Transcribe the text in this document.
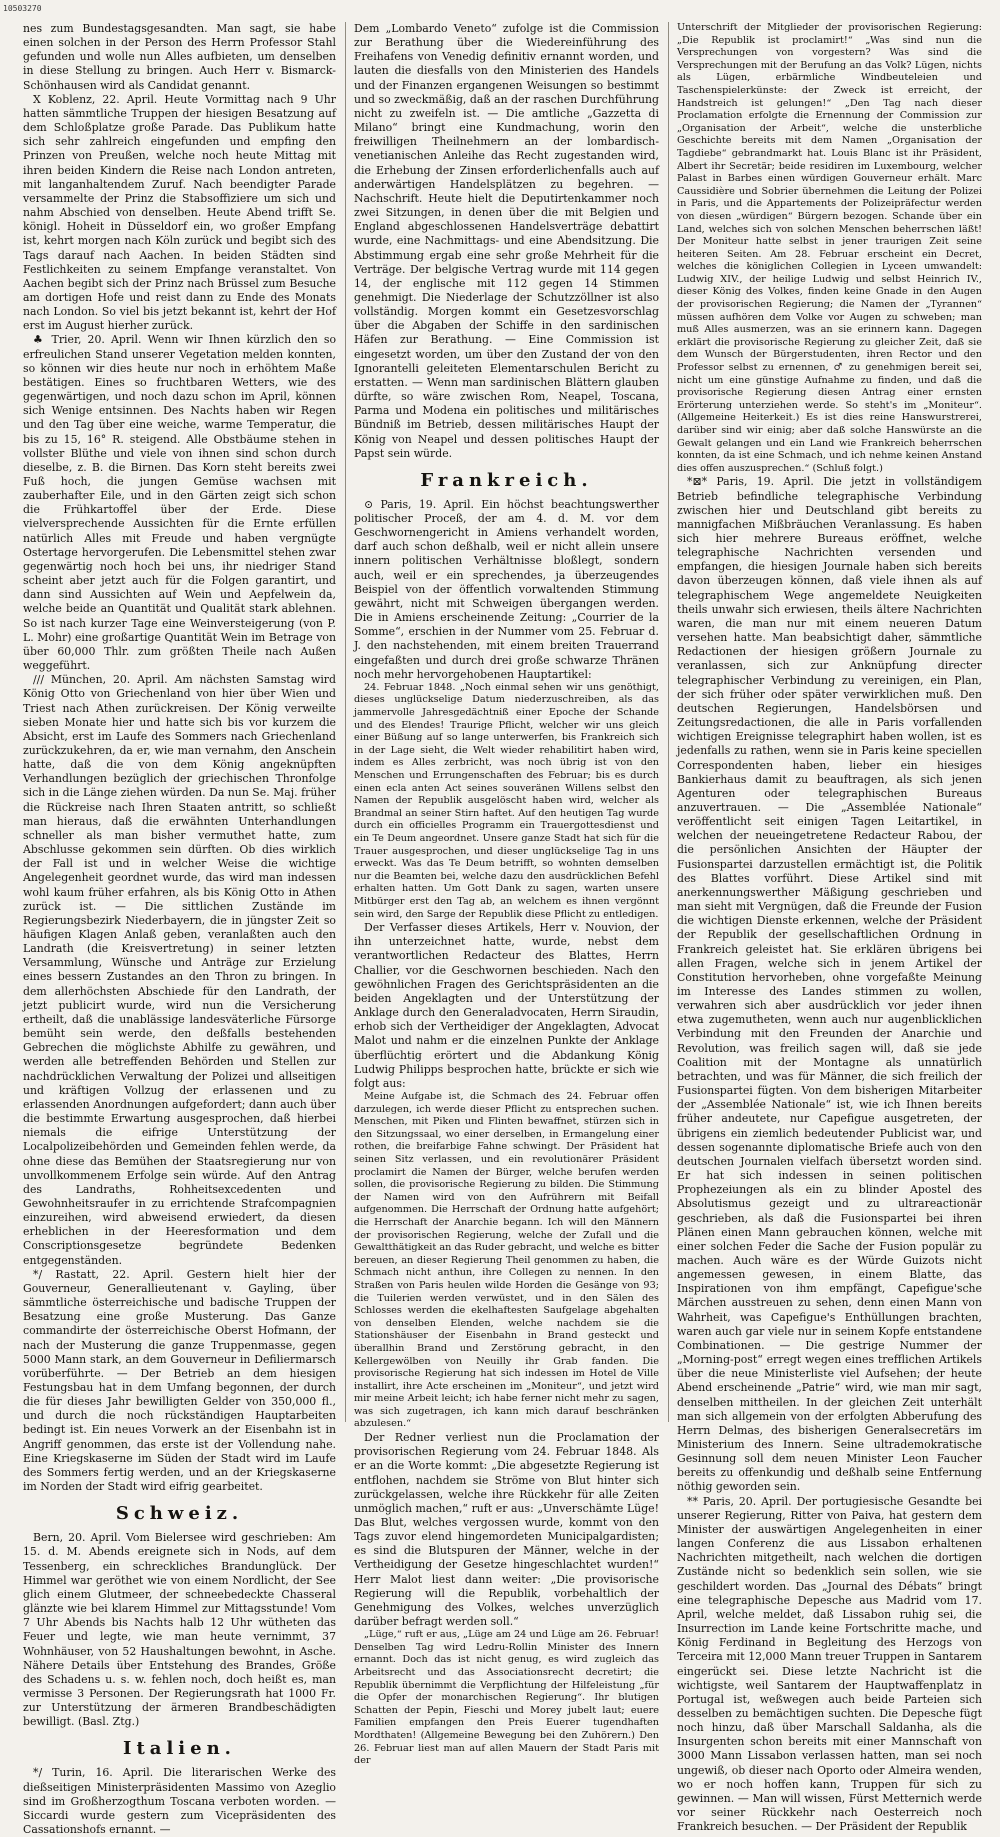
10503270

nes zum Bundestagsgesandten. Man sagt, sie habe einen solchen in der Person des Herrn Professor Stahl gefunden und wolle nun Alles aufbieten, um denselben in diese Stellung zu bringen. Auch Herr v. Bismarck-Schönhausen wird als Candidat genannt.

X Koblenz, 22. April. Heute Vormittag nach 9 Uhr hatten sämmtliche Truppen der hiesigen Besatzung auf dem Schloßplatze große Parade. Das Publikum hatte sich sehr zahlreich eingefunden und empfing den Prinzen von Preußen, welche noch heute Mittag mit ihren beiden Kindern die Reise nach London antreten, mit langanhaltendem Zuruf. Nach beendigter Parade versammelte der Prinz die Stabsoffiziere um sich und nahm Abschied von denselben. Heute Abend trifft Se. königl. Hoheit in Düsseldorf ein, wo großer Empfang ist, kehrt morgen nach Köln zurück und begibt sich des Tags darauf nach Aachen. In beiden Städten sind Festlichkeiten zu seinem Empfange veranstaltet. Von Aachen begibt sich der Prinz nach Brüssel zum Besuche am dortigen Hofe und reist dann zu Ende des Monats nach London. So viel bis jetzt bekannt ist, kehrt der Hof erst im August hierher zurück.

♣ Trier, 20. April. Wenn wir Ihnen kürzlich den so erfreulichen Stand unserer Vegetation melden konnten, so können wir dies heute nur noch in erhöhtem Maße bestätigen. Eines so fruchtbaren Wetters, wie des gegenwärtigen, und noch dazu schon im April, können sich Wenige entsinnen. Des Nachts haben wir Regen und den Tag über eine weiche, warme Temperatur, die bis zu 15, 16° R. steigend. Alle Obstbäume stehen in vollster Blüthe und viele von ihnen sind schon durch dieselbe, z. B. die Birnen. Das Korn steht bereits zwei Fuß hoch, die jungen Gemüse wachsen mit zauberhafter Eile, und in den Gärten zeigt sich schon die Frühkartoffel über der Erde. Diese vielversprechende Aussichten für die Ernte erfüllen natürlich Alles mit Freude und haben vergnügte Ostertage hervorgerufen. Die Lebensmittel stehen zwar gegenwärtig noch hoch bei uns, ihr niedriger Stand scheint aber jetzt auch für die Folgen garantirt, und dann sind Aussichten auf Wein und Aepfelwein da, welche beide an Quantität und Qualität stark ablehnen. So ist nach kurzer Tage eine Weinversteigerung (von P. L. Mohr) eine großartige Quantität Wein im Betrage von über 60,000 Thlr. zum größten Theile nach Außen weggeführt.

/// München, 20. April. Am nächsten Samstag wird König Otto von Griechenland von hier über Wien und Triest nach Athen zurückreisen. Der König verweilte sieben Monate hier und hatte sich bis vor kurzem die Absicht, erst im Laufe des Sommers nach Griechenland zurückzukehren, da er, wie man vernahm, den Anschein hatte, daß die von dem König angeknüpften Verhandlungen bezüglich der griechischen Thronfolge sich in die Länge ziehen würden. Da nun Se. Maj. früher die Rückreise nach Ihren Staaten antritt, so schließt man hieraus, daß die erwähnten Unterhandlungen schneller als man bisher vermuthet hatte, zum Abschlusse gekommen sein dürften. Ob dies wirklich der Fall ist und in welcher Weise die wichtige Angelegenheit geordnet wurde, das wird man indessen wohl kaum früher erfahren, als bis König Otto in Athen zurück ist. — Die sittlichen Zustände im Regierungsbezirk Niederbayern, die in jüngster Zeit so häufigen Klagen Anlaß geben, veranlaßten auch den Landrath (die Kreisvertretung) in seiner letzten Versammlung, Wünsche und Anträge zur Erzielung eines bessern Zustandes an den Thron zu bringen. In dem allerhöchsten Abschiede für den Landrath, der jetzt publicirt wurde, wird nun die Versicherung ertheilt, daß die unablässige landesväterliche Fürsorge bemüht sein werde, den deßfalls bestehenden Gebrechen die möglichste Abhilfe zu gewähren, und werden alle betreffenden Behörden und Stellen zur nachdrücklichen Verwaltung der Polizei und allseitigen und kräftigen Vollzug der erlassenen und zu erlassenden Anordnungen aufgefordert; dann auch über die bestimmte Erwartung ausgesprochen, daß hierbei niemals die eifrige Unterstützung der Localpolizeibehörden und Gemeinden fehlen werde, da ohne diese das Bemühen der Staatsregierung nur von unvollkommenem Erfolge sein würde. Auf den Antrag des Landraths, Rohheitsexcedenten und Gewohnheitsraufer in zu errichtende Strafcompagnien einzureihen, wird abweisend erwiedert, da diesen erheblichen in der Heeresformation und dem Conscriptionsgesetze begründete Bedenken entgegenständen.

*/ Rastatt, 22. April. Gestern hielt hier der Gouverneur, Generallieutenant v. Gayling, über sämmtliche österreichische und badische Truppen der Besatzung eine große Musterung. Das Ganze commandirte der österreichische Oberst Hofmann, der nach der Musterung die ganze Truppenmasse, gegen 5000 Mann stark, an dem Gouverneur in Defiliermarsch vorüberführte. — Der Betrieb an dem hiesigen Festungsbau hat in dem Umfang begonnen, der durch die für dieses Jahr bewilligten Gelder von 350,000 fl., und durch die noch rückständigen Hauptarbeiten bedingt ist. Ein neues Vorwerk an der Eisenbahn ist in Angriff genommen, das erste ist der Vollendung nahe. Eine Kriegskaserne im Süden der Stadt wird im Laufe des Sommers fertig werden, und an der Kriegskaserne im Norden der Stadt wird eifrig gearbeitet.

Schweiz.

Bern, 20. April. Vom Bielersee wird geschrieben: Am 15. d. M. Abends ereignete sich in Nods, auf dem Tessenberg, ein schreckliches Brandunglück. Der Himmel war geröthet wie von einem Nordlicht, der See glich einem Glutmeer, der schneebedeckte Chasseral glänzte wie bei klarem Himmel zur Mittagsstunde! Vom 7 Uhr Abends bis Nachts halb 12 Uhr wütheten das Feuer und legte, wie man heute vernimmt, 37 Wohnhäuser, von 52 Haushaltungen bewohnt, in Asche. Nähere Details über Entstehung des Brandes, Größe des Schadens u. s. w. fehlen noch, doch heißt es, man vermisse 3 Personen. Der Regierungsrath hat 1000 Fr. zur Unterstützung der ärmeren Brandbeschädigten bewilligt. (Basl. Ztg.)

Italien.

*/ Turin, 16. April. Die literarischen Werke des dießseitigen Ministerpräsidenten Massimo von Azeglio sind im Großherzogthum Toscana verboten worden. — Siccardi wurde gestern zum Vicepräsidenten des Cassationshofs ernannt. —

Dem „Lombardo Veneto“ zufolge ist die Commission zur Berathung über die Wiedereinführung des Freihafens von Venedig definitiv ernannt worden, und lauten die diesfalls von den Ministerien des Handels und der Finanzen ergangenen Weisungen so bestimmt und so zweckmäßig, daß an der raschen Durchführung nicht zu zweifeln ist. — Die amtliche „Gazzetta di Milano“ bringt eine Kundmachung, worin den freiwilligen Theilnehmern an der lombardisch-venetianischen Anleihe das Recht zugestanden wird, die Erhebung der Zinsen erforderlichenfalls auch auf anderwärtigen Handelsplätzen zu begehren. — Nachschrift. Heute hielt die Deputirtenkammer noch zwei Sitzungen, in denen über die mit Belgien und England abgeschlossenen Handelsverträge debattirt wurde, eine Nachmittags- und eine Abendsitzung. Die Abstimmung ergab eine sehr große Mehrheit für die Verträge. Der belgische Vertrag wurde mit 114 gegen 14, der englische mit 112 gegen 14 Stimmen genehmigt. Die Niederlage der Schutzzöllner ist also vollständig. Morgen kommt ein Gesetzesvorschlag über die Abgaben der Schiffe in den sardinischen Häfen zur Berathung. — Eine Commission ist eingesetzt worden, um über den Zustand der von den Ignorantelli geleiteten Elementarschulen Bericht zu erstatten. — Wenn man sardinischen Blättern glauben dürfte, so wäre zwischen Rom, Neapel, Toscana, Parma und Modena ein politisches und militärisches Bündniß im Betrieb, dessen militärisches Haupt der König von Neapel und dessen politisches Haupt der Papst sein würde.

Frankreich.

⊙ Paris, 19. April. Ein höchst beachtungswerther politischer Proceß, der am 4. d. M. vor dem Geschwornengericht in Amiens verhandelt worden, darf auch schon deßhalb, weil er nicht allein unsere innern politischen Verhältnisse bloßlegt, sondern auch, weil er ein sprechendes, ja überzeugendes Beispiel von der öffentlich vorwaltenden Stimmung gewährt, nicht mit Schweigen übergangen werden. Die in Amiens erscheinende Zeitung: „Courrier de la Somme“, erschien in der Nummer vom 25. Februar d. J. den nachstehenden, mit einem breiten Trauerrand eingefaßten und durch drei große schwarze Thränen noch mehr hervorgehobenen Hauptartikel:

24. Februar 1848. „Noch einmal sehen wir uns genöthigt, dieses unglückselige Datum niederzuschreiben, als das jammervolle Jahresgedächtniß einer Epoche der Schande und des Elendes! Traurige Pflicht, welcher wir uns gleich einer Büßung auf so lange unterwerfen, bis Frankreich sich in der Lage sieht, die Welt wieder rehabilitirt haben wird, indem es Alles zerbricht, was noch übrig ist von den Menschen und Errungenschaften des Februar; bis es durch einen ecla anten Act seines souveränen Willens selbst den Namen der Republik ausgelöscht haben wird, welcher als Brandmal an seiner Stirn haftet. Auf den heutigen Tag wurde durch ein officielles Programm ein Trauergottesdienst und ein Te Deum angeordnet. Unsere ganze Stadt hat sich für die Trauer ausgesprochen, und dieser unglückselige Tag in uns erweckt. Was das Te Deum betrifft, so wohnten demselben nur die Beamten bei, welche dazu den ausdrücklichen Befehl erhalten hatten. Um Gott Dank zu sagen, warten unsere Mitbürger erst den Tag ab, an welchem es ihnen vergönnt sein wird, den Sarge der Republik diese Pflicht zu entledigen.

Der Verfasser dieses Artikels, Herr v. Nouvion, der ihn unterzeichnet hatte, wurde, nebst dem verantwortlichen Redacteur des Blattes, Herrn Challier, vor die Geschwornen beschieden. Nach den gewöhnlichen Fragen des Gerichtspräsidenten an die beiden Angeklagten und der Unterstützung der Anklage durch den Generaladvocaten, Herrn Siraudin, erhob sich der Vertheidiger der Angeklagten, Advocat Malot und nahm er die einzelnen Punkte der Anklage überflüchtig erörtert und die Abdankung König Ludwig Philipps besprochen hatte, brückte er sich wie folgt aus:

Meine Aufgabe ist, die Schmach des 24. Februar offen darzulegen, ich werde dieser Pflicht zu entsprechen suchen. Menschen, mit Piken und Flinten bewaffnet, stürzen sich in den Sitzungssaal, wo einer derselben, in Ermangelung einer rothen, die breifarbige Fahne schwingt. Der Präsident hat seinen Sitz verlassen, und ein revolutionärer Präsident proclamirt die Namen der Bürger, welche berufen werden sollen, die provisorische Regierung zu bilden. Die Stimmung der Namen wird von den Aufrührern mit Beifall aufgenommen. Die Herrschaft der Ordnung hatte aufgehört; die Herrschaft der Anarchie begann. Ich will den Männern der provisorischen Regierung, welche der Zufall und die Gewaltthätigkeit an das Ruder gebracht, und welche es bitter bereuen, an dieser Regierung Theil genommen zu haben, die Schmach nicht anthun, ihre Collegen zu nennen. In den Straßen von Paris heulen wilde Horden die Gesänge von 93; die Tuilerien werden verwüstet, und in den Sälen des Schlosses werden die ekelhaftesten Saufgelage abgehalten von denselben Elenden, welche nachdem sie die Stationshäuser der Eisenbahn in Brand gesteckt und überallhin Brand und Zerstörung gebracht, in den Kellergewölben von Neuilly ihr Grab fanden. Die provisorische Regierung hat sich indessen im Hotel de Ville installirt, ihre Acte erscheinen im „Moniteur“, und jetzt wird mir meine Arbeit leicht; ich habe ferner nicht mehr zu sagen, was sich zugetragen, ich kann mich darauf beschränken abzulesen.“

Der Redner verliest nun die Proclamation der provisorischen Regierung vom 24. Februar 1848. Als er an die Worte kommt: „Die abgesetzte Regierung ist entflohen, nachdem sie Ströme von Blut hinter sich zurückgelassen, welche ihre Rückkehr für alle Zeiten unmöglich machen,“ ruft er aus: „Unverschämte Lüge! Das Blut, welches vergossen wurde, kommt von den Tags zuvor elend hingemordeten Municipalgardisten; es sind die Blutspuren der Männer, welche in der Vertheidigung der Gesetze hingeschlachtet wurden!“ Herr Malot liest dann weiter: „Die provisorische Regierung will die Republik, vorbehaltlich der Genehmigung des Volkes, welches unverzüglich darüber befragt werden soll.“

„Lüge,“ ruft er aus, „Lüge am 24 und Lüge am 26. Februar! Denselben Tag wird Ledru-Rollin Minister des Innern ernannt. Doch das ist nicht genug, es wird zugleich das Arbeitsrecht und das Associationsrecht decretirt; die Republik übernimmt die Verpflichtung der Hilfeleistung „für die Opfer der monarchischen Regierung“. Ihr blutigen Schatten der Pepin, Fieschi und Morey jubelt laut; euere Familien empfangen den Preis Euerer tugendhaften Mordthaten! (Allgemeine Bewegung bei den Zuhörern.) Den 26. Februar liest man auf allen Mauern der Stadt Paris mit der

Unterschrift der Mitglieder der provisorischen Regierung: „Die Republik ist proclamirt!“ „Was sind nun die Versprechungen von vorgestern? Was sind die Versprechungen mit der Berufung an das Volk? Lügen, nichts als Lügen, erbärmliche Windbeuteleien und Taschenspielerkünste: der Zweck ist erreicht, der Handstreich ist gelungen!“ „Den Tag nach dieser Proclamation erfolgte die Ernennung der Commission zur „Organisation der Arbeit“, welche die unsterbliche Geschichte bereits mit dem Namen „Organisation der Tagdiebe“ gebrandmarkt hat. Louis Blanc ist ihr Präsident, Albert ihr Secretär; beide residiren im Luxembourg, welcher Palast in Barbes einen würdigen Gouverneur erhält. Marc Caussidière und Sobrier übernehmen die Leitung der Polizei in Paris, und die Appartements der Polizeipräfectur werden von diesen „würdigen“ Bürgern bezogen. Schande über ein Land, welches sich von solchen Menschen beherrschen läßt! Der Moniteur hatte selbst in jener traurigen Zeit seine heiteren Seiten. Am 28. Februar erscheint ein Decret, welches die königlichen Collegien in Lyceen umwandelt: Ludwig XIV., der heilige Ludwig und selbst Heinrich IV., dieser König des Volkes, finden keine Gnade in den Augen der provisorischen Regierung; die Namen der „Tyrannen“ müssen aufhören dem Volke vor Augen zu schweben; man muß Alles ausmerzen, was an sie erinnern kann. Dagegen erklärt die provisorische Regierung zu gleicher Zeit, daß sie dem Wunsch der Bürgerstudenten, ihren Rector und den Professor selbst zu ernennen, ♂ zu genehmigen bereit sei, nicht um eine günstige Aufnahme zu finden, und daß die provisorische Regierung diesen Antrag einer ernsten Erörterung unterziehen werde. So steht's im „Moniteur“. (Allgemeine Heiterkeit.) Es ist dies reine Hanswurstrerei, darüber sind wir einig; aber daß solche Hanswürste an die Gewalt gelangen und ein Land wie Frankreich beherrschen konnten, da ist eine Schmach, und ich nehme keinen Anstand dies offen auszusprechen.“ (Schluß folgt.)

*⊠* Paris, 19. April. Die jetzt in vollständigem Betrieb befindliche telegraphische Verbindung zwischen hier und Deutschland gibt bereits zu mannigfachen Mißbräuchen Veranlassung. Es haben sich hier mehrere Bureaus eröffnet, welche telegraphische Nachrichten versenden und empfangen, die hiesigen Journale haben sich bereits davon überzeugen können, daß viele ihnen als auf telegraphischem Wege angemeldete Neuigkeiten theils unwahr sich erwiesen, theils ältere Nachrichten waren, die man nur mit einem neueren Datum versehen hatte. Man beabsichtigt daher, sämmtliche Redactionen der hiesigen größern Journale zu veranlassen, sich zur Anknüpfung directer telegraphischer Verbindung zu vereinigen, ein Plan, der sich früher oder später verwirklichen muß. Den deutschen Regierungen, Handelsbörsen und Zeitungsredactionen, die alle in Paris vorfallenden wichtigen Ereignisse telegraphirt haben wollen, ist es jedenfalls zu rathen, wenn sie in Paris keine speciellen Correspondenten haben, lieber ein hiesiges Bankierhaus damit zu beauftragen, als sich jenen Agenturen oder telegraphischen Bureaus anzuvertrauen. — Die „Assemblée Nationale“ veröffentlicht seit einigen Tagen Leitartikel, in welchen der neueingetretene Redacteur Rabou, der die persönlichen Ansichten der Häupter der Fusionspartei darzustellen ermächtigt ist, die Politik des Blattes vorführt. Diese Artikel sind mit anerkennungswerther Mäßigung geschrieben und man sieht mit Vergnügen, daß die Freunde der Fusion die wichtigen Dienste erkennen, welche der Präsident der Republik der gesellschaftlichen Ordnung in Frankreich geleistet hat. Sie erklären übrigens bei allen Fragen, welche sich in jenem Artikel der Constitution hervorheben, ohne vorgefaßte Meinung im Interesse des Landes stimmen zu wollen, verwahren sich aber ausdrücklich vor jeder ihnen etwa zugemutheten, wenn auch nur augenblicklichen Verbindung mit den Freunden der Anarchie und Revolution, was freilich sagen will, daß sie jede Coalition mit der Montagne als unnatürlich betrachten, und was für Männer, die sich freilich der Fusionspartei fügten. Von dem bisherigen Mitarbeiter der „Assemblée Nationale“ ist, wie ich Ihnen bereits früher andeutete, nur Capefigue ausgetreten, der übrigens ein ziemlich bedeutender Publicist war, und dessen sogenannte diplomatische Briefe auch von den deutschen Journalen vielfach übersetzt worden sind. Er hat sich indessen in seinen politischen Prophezeiungen als ein zu blinder Apostel des Absolutismus gezeigt und zu ultrareactionär geschrieben, als daß die Fusionspartei bei ihren Plänen einen Mann gebrauchen können, welche mit einer solchen Feder die Sache der Fusion populär zu machen. Auch wäre es der Würde Guizots nicht angemessen gewesen, in einem Blatte, das Inspirationen von ihm empfängt, Capefigue'sche Märchen ausstreuen zu sehen, denn einen Mann von Wahrheit, was Capefigue's Enthüllungen brachten, waren auch gar viele nur in seinem Kopfe entstandene Combinationen. — Die gestrige Nummer der „Morning-post“ erregt wegen eines trefflichen Artikels über die neue Ministerliste viel Aufsehen; der heute Abend erscheinende „Patrie“ wird, wie man mir sagt, denselben mittheilen. In der gleichen Zeit unterhält man sich allgemein von der erfolgten Abberufung des Herrn Delmas, des bisherigen Generalsecretärs im Ministerium des Innern. Seine ultrademokratische Gesinnung soll dem neuen Minister Leon Faucher bereits zu offenkundig und deßhalb seine Entfernung nöthig geworden sein.

** Paris, 20. April. Der portugiesische Gesandte bei unserer Regierung, Ritter von Paiva, hat gestern dem Minister der auswärtigen Angelegenheiten in einer langen Conferenz die aus Lissabon erhaltenen Nachrichten mitgetheilt, nach welchen die dortigen Zustände nicht so bedenklich sein sollen, wie sie geschildert worden. Das „Journal des Débats“ bringt eine telegraphische Depesche aus Madrid vom 17. April, welche meldet, daß Lissabon ruhig sei, die Insurrection im Lande keine Fortschritte mache, und König Ferdinand in Begleitung des Herzogs von Terceira mit 12,000 Mann treuer Truppen in Santarem eingerückt sei. Diese letzte Nachricht ist die wichtigste, weil Santarem der Hauptwaffenplatz in Portugal ist, weßwegen auch beide Parteien sich desselben zu bemächtigen suchten. Die Depesche fügt noch hinzu, daß über Marschall Saldanha, als die Insurgenten schon bereits mit einer Mannschaft von 3000 Mann Lissabon verlassen hatten, man sei noch ungewiß, ob dieser nach Oporto oder Almeira wenden, wo er noch hoffen kann, Truppen für sich zu gewinnen. — Man will wissen, Fürst Metternich werde vor seiner Rückkehr nach Oesterreich noch Frankreich besuchen. — Der Präsident der Republik
